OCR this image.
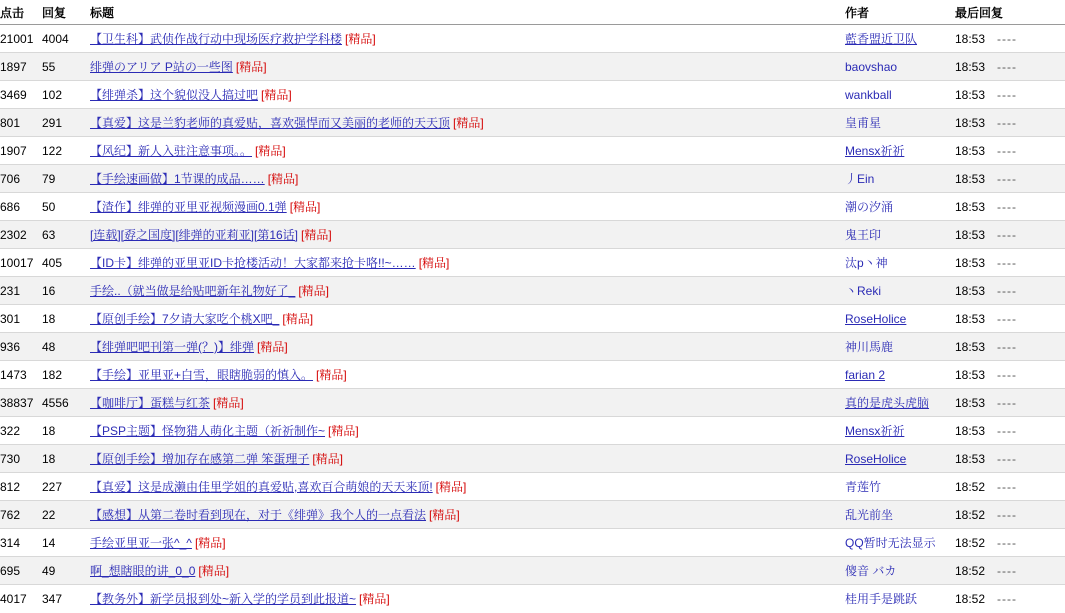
点击	回复	标题	作者	最后回复
21001	4004	【卫生科】武侦作战行动中现场医疗救护学科楼 [精品]	藍香盟近卫队	18:53 ----

1897	55	绯弹のアリア P站の一些图 [精品]	baovshao	18:53 ----

3469	102	【绯弹杀】这个貌似没人搞过吧 [精品]	wankball	18:53 ----

801	291	【真爱】这是兰豹老师的真爱贴，喜欢强悍而又美丽的老师的天天顶 [精品]	皇甫星	18:53 ----

1907	122	【风纪】新人入驻注意事项。。 [精品]	Mensx祈祈	18:53 ----

706	79	【手绘速画做】1节课的成品…… [精品]	丿Ein	18:53 ----

686	50	【渣作】绯弹的亚里亚视频漫画0.1弹 [精品]	潮の汐涌	18:53 ----

2302	63	[连载][孬之国度][绯弹的亚莉亚][第16话] [精品]	鬼王印	18:53 ----

10017	405	【ID卡】绯弹的亚里亚ID卡抢楼活动！大家都来抢卡咯!!~…… [精品]	汰p丶神	18:53 ----

231	16	手绘..（就当做是给贴吧新年礼物好了_ [精品]	丶Reki	18:53 ----

301	18	【原创手绘】7夕请大家吃个桃X吧_ [精品]	RoseHolice	18:53 ----

936	48	【绯弹吧吧刊第一弹(？)】绯弹 [精品]	神川馬鹿	18:53 ----

1473	182	【手绘】亚里亚+白雪，眼瞎脆弱的慎入。 [精品]	farian 2	18:53 ----

38837	4556	【咖啡厅】蛋糕与红茶 [精品]	真的是虎头虎脑	18:53 ----

322	18	【PSP主题】怪物猎人萌化主题（祈祈制作~ [精品]	Mensx祈祈	18:53 ----

730	18	【原创手绘】增加存在感第二弹 笨蛋理子 [精品]	RoseHolice	18:53 ----

812	227	【真爱】这是成濑由佳里学姐的真爱贴,喜欢百合萌娘的天天来顶! [精品]	青莲竹	18:52 ----

762	22	【感想】从第二卷时看到现在，对于《绯弹》我个人的一点看法 [精品]	乱光前坐	18:52 ----

314	14	手绘亚里亚一张^_^ [精品]	QQ暂时无法显示	18:52 ----

695	49	啊_想瞎眼的讲_0_0 [精品]	傻音 バカ	18:52 ----

4017	347	【教务外】新学员报到处~新入学的学员到此报道~ [精品]	桂用手是跳跃	18:52 ----
